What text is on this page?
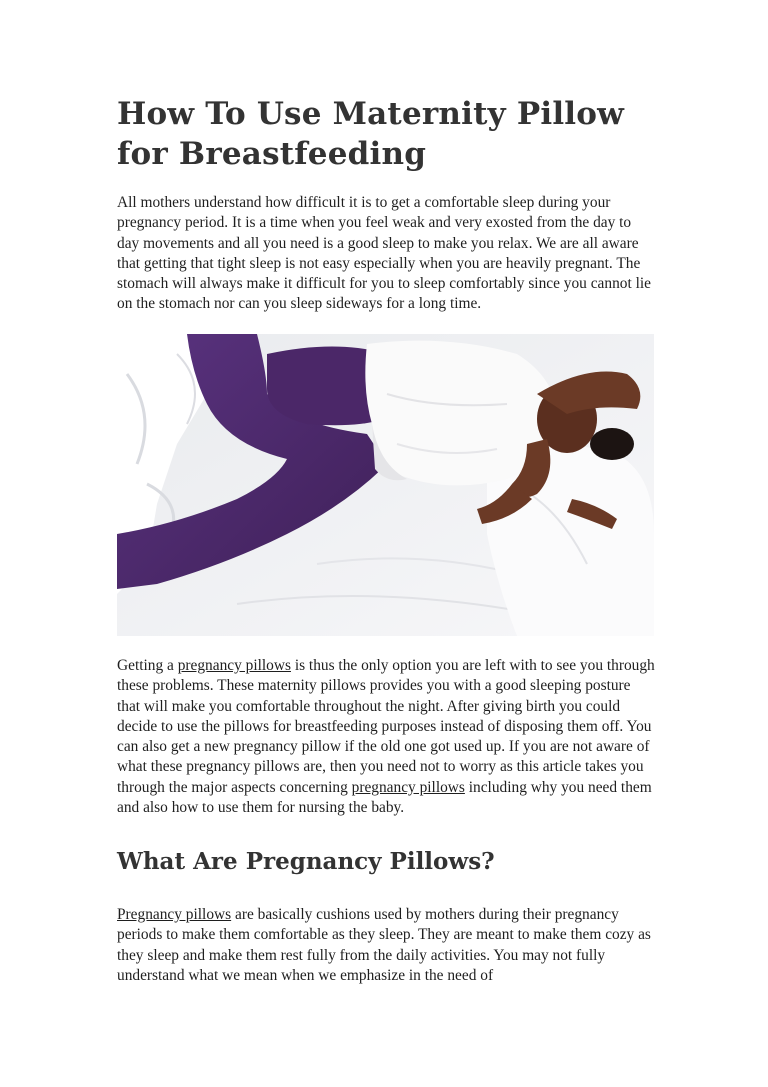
How To Use Maternity Pillow for Breastfeeding

All mothers understand how difficult it is to get a comfortable sleep during your pregnancy period. It is a time when you feel weak and very exosted from the day to day movements and all you need is a good sleep to make you relax. We are all aware that getting that tight sleep is not easy especially when you are heavily pregnant. The stomach will always make it difficult for you to sleep comfortably since you cannot lie on the stomach nor can you sleep sideways for a long time.

Getting a pregnancy pillows is thus the only option you are left with to see you through these problems. These maternity pillows provides you with a good sleeping posture that will make you comfortable throughout the night. After giving birth you could decide to use the pillows for breastfeeding purposes instead of disposing them off. You can also get a new pregnancy pillow if the old one got used up. If you are not aware of what these pregnancy pillows are, then you need not to worry as this article takes you through the major aspects concerning pregnancy pillows including why you need them and also how to use them for nursing the baby.

What Are Pregnancy Pillows?

Pregnancy pillows are basically cushions used by mothers during their pregnancy periods to make them comfortable as they sleep. They are meant to make them cozy as they sleep and make them rest fully from the daily activities. You may not fully understand what we mean when we emphasize in the need of
